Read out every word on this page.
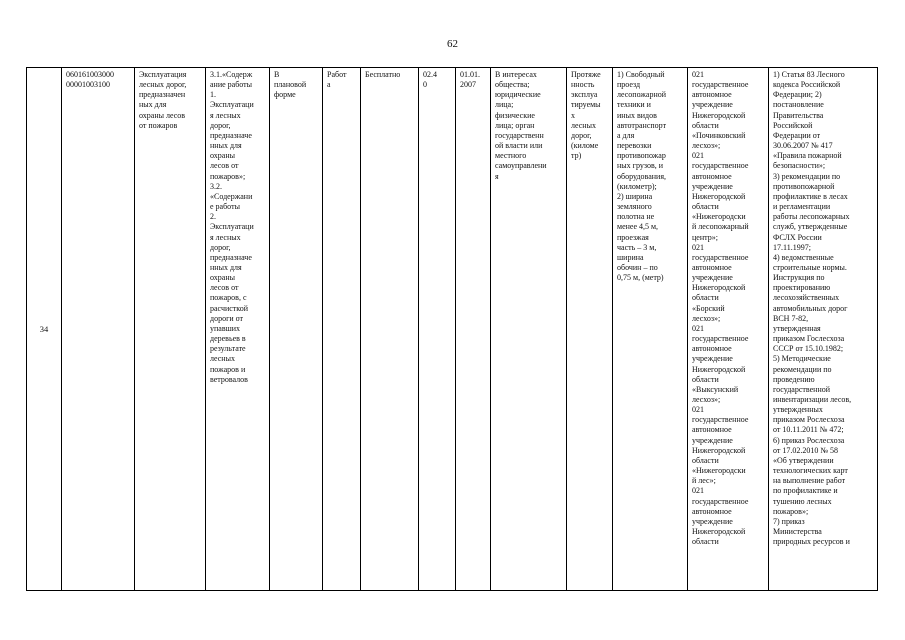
62
34	060161003000
00001003100	Эксплуатация
лесных дорог,
предназначен
ных для
охраны лесов
от пожаров	3.1.«Содерж
ание работы
1.
Эксплуатаци
я лесных
дорог,
предназначе
нных для
охраны
лесов от
пожаров»;
3.2.
«Содержани
е работы
2.
Эксплуатаци
я лесных
дорог,
предназначе
нных для
охраны
лесов от
пожаров, с
расчисткой
дороги от
упавших
деревьев в
результате
лесных
пожаров и
ветровалов	В
плановой
форме	Работ
а	Бесплатно	02.4
0	01.01.
2007	В интересах
общества;
юридические
лица;
физические
лица; орган
государственн
ой власти или
местного
самоуправлени
я	Протяже
нность
эксплуа
тируемы
х
лесных
дорог,
(киломе
тр)	1) Свободный
проезд
лесопожарной
техники и
иных видов
автотранспорт
а для
перевозки
противопожар
ных грузов, и
оборудования,
(километр);
2) ширина
земляного
полотна не
менее 4,5 м,
проезжая
часть – 3 м,
ширина
обочин – по
0,75 м, (метр)	021
государственное
автономное
учреждение
Нижегородской
области
«Починковский
лесхоз»;
021
государственное
автономное
учреждение
Нижегородской
области
«Нижегородски
й лесопожарный
центр»;
021
государственное
автономное
учреждение
Нижегородской
области
«Борский
лесхоз»;
021
государственное
автономное
учреждение
Нижегородской
области
«Выксунский
лесхоз»;
021
государственное
автономное
учреждение
Нижегородской
области
«Нижегородски
й лес»;
021
государственное
автономное
учреждение
Нижегородской
области	1) Статья 83 Лесного
кодекса Российской
Федерации; 2)
постановление
Правительства
Российской
Федерации от
30.06.2007 № 417
«Правила пожарной
безопасности»;
3) рекомендации по
противопожарной
профилактике в лесах
и регламентации
работы лесопожарных
служб, утвержденные
ФСЛХ России
17.11.1997;
4) ведомственные
строительные нормы.
Инструкция по
проектированию
лесохозяйственных
автомобильных дорог
ВСН 7-82,
утвержденная
приказом Гослесхоза
СССР от 15.10.1982;
5) Методические
рекомендации по
проведению
государственной
инвентаризации лесов,
утвержденных
приказом Рослесхоза
от 10.11.2011 № 472;
6) приказ Рослесхоза
от 17.02.2010 № 58
«Об утверждении
технологических карт
на выполнение работ
по профилактике и
тушению лесных
пожаров»;
7) приказ
Министерства
природных ресурсов и
